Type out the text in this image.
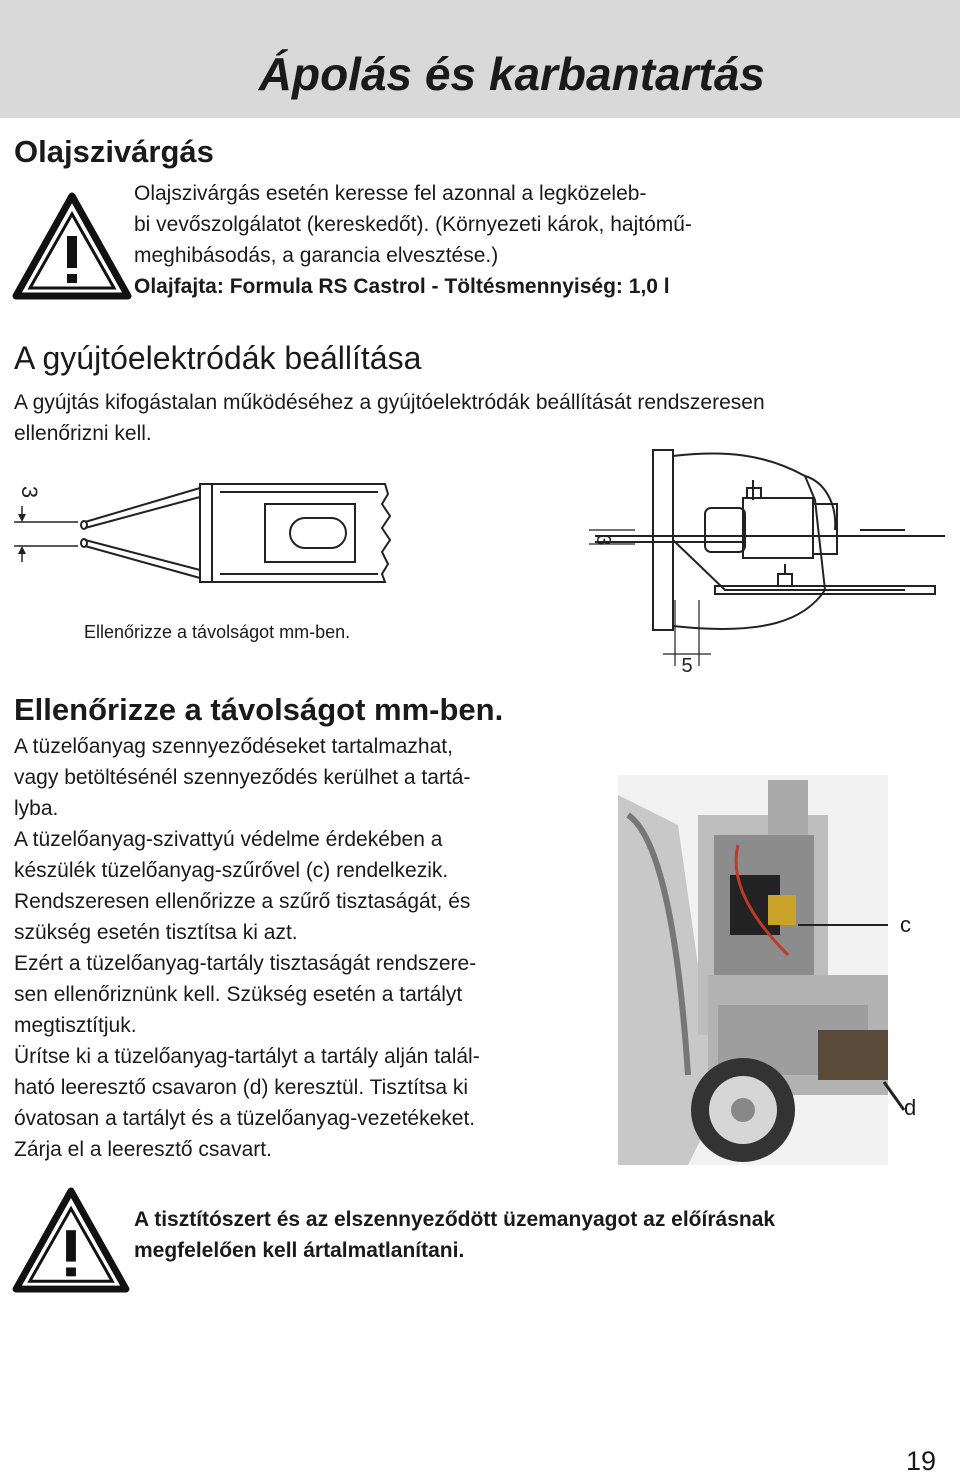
Ápolás és karbantartás
Olajszivárgás
Olajszivárgás esetén keresse fel azonnal a legközeleb-
bi vevőszolgálatot (kereskedőt). (Környezeti károk, hajtómű-
meghibásodás, a garancia elvesztése.)
Olajfajta: Formula RS Castrol - Töltésmennyiség: 1,0 l
A gyújtóelektródák beállítása
A gyújtás kifogástalan működéséhez a gyújtóelektródák beállítását rendszeresen
ellenőrizni kell.
3
Ellenőrizze a távolságot mm-ben.
3
5
Ellenőrizze a távolságot mm-ben.
A tüzelőanyag szennyeződéseket tartalmazhat,
vagy betöltésénél szennyeződés kerülhet a tartá-
lyba.
A tüzelőanyag-szivattyú védelme érdekében a
készülék tüzelőanyag-szűrővel (c) rendelkezik.
Rendszeresen ellenőrizze a szűrő tisztaságát, és
szükség esetén tisztítsa ki azt.
Ezért a tüzelőanyag-tartály tisztaságát rendszere-
sen ellenőriznünk kell. Szükség esetén a tartályt
megtisztítjuk.
Ürítse ki a tüzelőanyag-tartályt a tartály alján talál-
ható leeresztő csavaron (d) keresztül. Tisztítsa ki
óvatosan a tartályt és a tüzelőanyag-vezetékeket.
Zárja el a leeresztő csavart.
c
d
A tisztítószert és az elszennyeződött üzemanyagot az előírásnak
megfelelően kell ártalmatlanítani.
19
